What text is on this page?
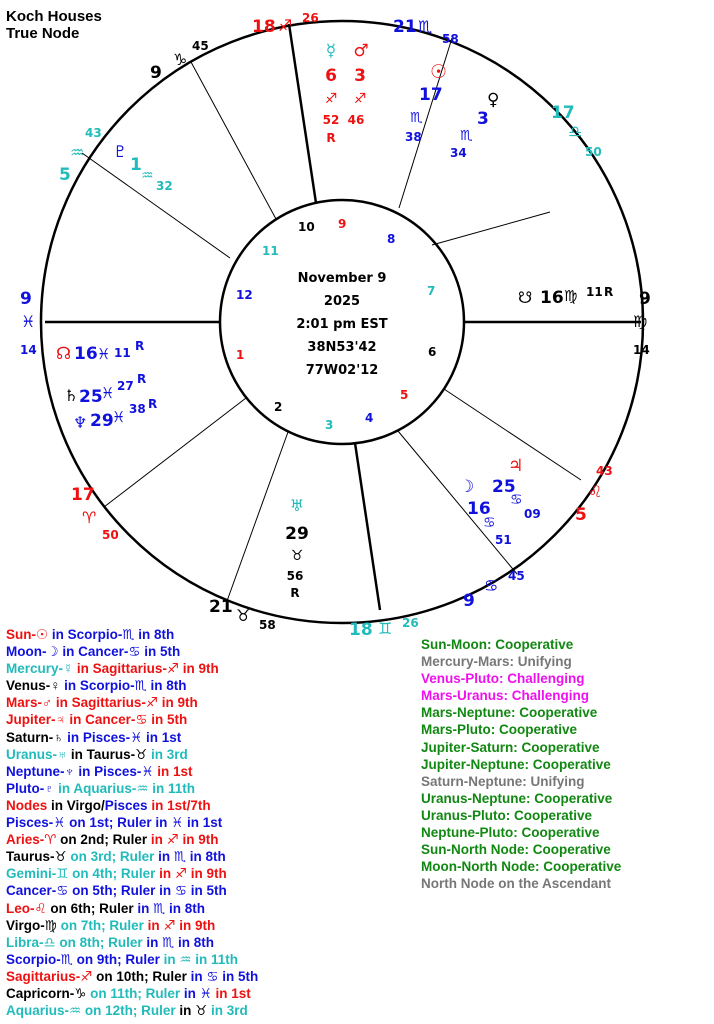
Koch Houses
True Node
November 9
2025
2:01 pm EST
38N53'42
77W02'12
1
2
3	4
5
6
7
8
9
10
11
12
9
♓
14
17
♈
50
21 ♉ 58	18 ♊ 26
9
♋ 45
5
♌
43
9
♍
14
17
♎
50
21 ♏
58
18 ♐ 26
9
♑
45
5
♒
43
☊ 16 ♓ 11 R
♄ 25
♓ 27 R
♆ 29
♓ 38 R
☋ 16 ♍ 11 R
♇
1
♒
32
☿
6
♐
52
R
♂
3
♐
46
☉
17
♏
38
♀
3
♏
34
♃
25
♋
09
☽
16
♋
51
♅
29
♉
56
R
Sun-☉ in Scorpio-♏ in 8th
Moon-☽ in Cancer-♋ in 5th
Mercury-☿ in Sagittarius-♐ in 9th
Venus-♀ in Scorpio-♏ in 8th
Mars-♂ in Sagittarius-♐ in 9th
Jupiter-♃ in Cancer-♋ in 5th
Saturn-♄ in Pisces-♓ in 1st
Uranus-♅ in Taurus-♉ in 3rd
Neptune-♆ in Pisces-♓ in 1st
Pluto-♇ in Aquarius-♒ in 11th
Nodes in Virgo/Pisces in 1st/7th
Pisces-♓ on 1st; Ruler in ♓ in 1st
Aries-♈ on 2nd; Ruler in ♐ in 9th
Taurus-♉ on 3rd; Ruler in ♏ in 8th
Gemini-♊ on 4th; Ruler in ♐ in 9th
Cancer-♋ on 5th; Ruler in ♋ in 5th
Leo-♌ on 6th; Ruler in ♏ in 8th
Virgo-♍ on 7th; Ruler in ♐ in 9th
Libra-♎ on 8th; Ruler in ♏ in 8th
Scorpio-♏ on 9th; Ruler in ♒ in 11th
Sagittarius-♐ on 10th; Ruler in ♋ in 5th
Capricorn-♑ on 11th; Ruler in ♓ in 1st
Aquarius-♒ on 12th; Ruler in ♉ in 3rd
Sun-Moon: Cooperative
Mercury-Mars: Unifying
Venus-Pluto: Challenging
Mars-Uranus: Challenging
Mars-Neptune: Cooperative
Mars-Pluto: Cooperative
Jupiter-Saturn: Cooperative
Jupiter-Neptune: Cooperative
Saturn-Neptune: Unifying
Uranus-Neptune: Cooperative
Uranus-Pluto: Cooperative
Neptune-Pluto: Cooperative
Sun-North Node: Cooperative
Moon-North Node: Cooperative
North Node on the Ascendant
